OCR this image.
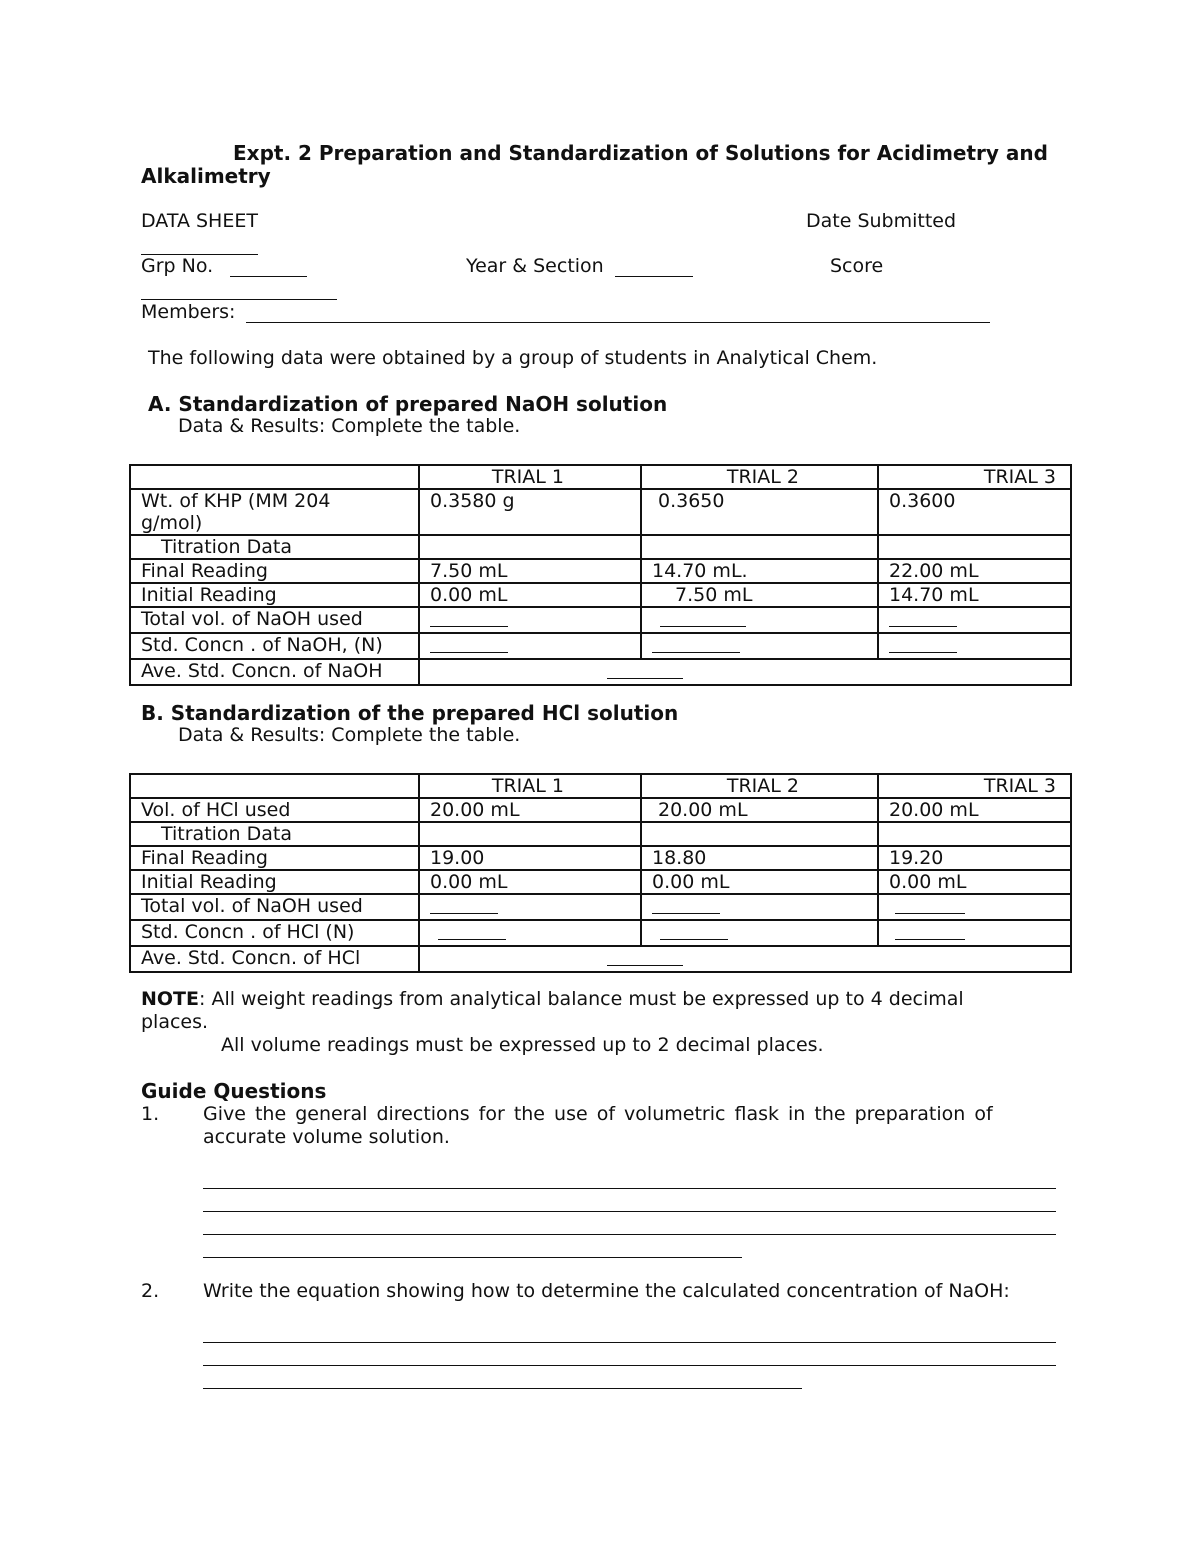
Expt. 2 Preparation and Standardization of Solutions for Acidimetry and
Alkalimetry
DATA SHEET	Date Submitted
Grp No.	Year & Section	Score
Members:
The following data were obtained by a group of students in Analytical Chem.
A. Standardization of prepared NaOH solution
Data & Results: Complete the table.
	TRIAL 1	TRIAL 2	TRIAL 3
Wt. of KHP (MM 204
g/mol)	0.3580 g	0.3650	0.3600
Titration Data			
Final Reading	7.50 mL	14.70 mL.	22.00 mL
Initial Reading	0.00 mL	7.50 mL	14.70 mL
Total vol. of NaOH used			
Std. Concn . of NaOH, (N)			
Ave. Std. Concn. of NaOH			
B. Standardization of the prepared HCl solution
Data & Results: Complete the table.
	TRIAL 1	TRIAL 2	TRIAL 3
Vol. of HCl used	20.00 mL	20.00 mL	20.00 mL
Titration Data			
Final Reading	19.00	18.80	19.20
Initial Reading	0.00 mL	0.00 mL	0.00 mL
Total vol. of NaOH used			
Std. Concn . of HCl (N)			
Ave. Std. Concn. of HCl			
NOTE: All weight readings from analytical balance must be expressed up to 4 decimal
places.
All volume readings must be expressed up to 2 decimal places.
Guide Questions
1. Give the general directions for the use of volumetric flask in the preparation of
accurate volume solution.
2. Write the equation showing how to determine the calculated concentration of NaOH:
